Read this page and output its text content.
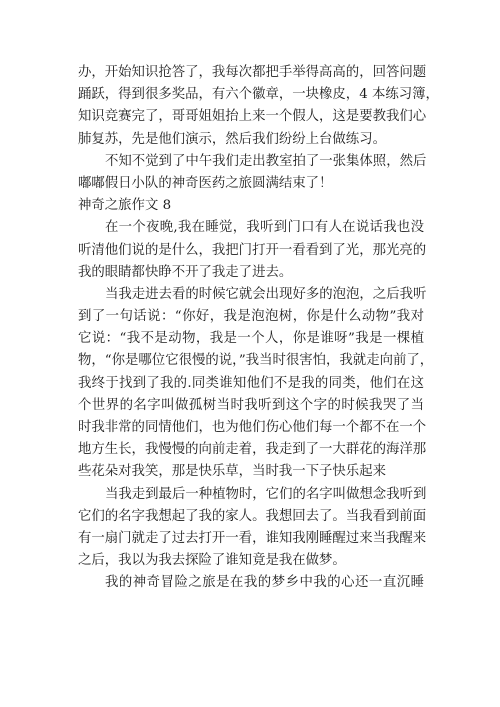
办，开始知识抢答了，我每次都把手举得高高的，回答问题
踊跃，得到很多奖品，有六个徽章，一块橡皮，4 本练习簿，
知识竞赛完了，哥哥姐姐抬上来一个假人，这是要教我们心
肺复苏，先是他们演示，然后我们纷纷上台做练习。
不知不觉到了中午我们走出教室拍了一张集体照，然后
嘟嘟假日小队的神奇医药之旅圆满结束了！
神奇之旅作文 8
在一个夜晚,我在睡觉，我听到门口有人在说话我也没
听清他们说的是什么，我把门打开一看看到了光，那光亮的
我的眼睛都快睁不开了我走了进去。
当我走进去看的时候它就会出现好多的泡泡，之后我听
到了一句话说：“你好，我是泡泡树，你是什么动物”我对
它说：“我不是动物，我是一个人，你是谁呀”我是一棵植
物，“你是哪位它很慢的说，”我当时很害怕，我就走向前了，
我终于找到了我的.同类谁知他们不是我的同类，他们在这
个世界的名字叫做孤树当时我听到这个字的时候我哭了当
时我非常的同情他们，也为他们伤心他们每一个都不在一个
地方生长，我慢慢的向前走着，我走到了一大群花的海洋那
些花朵对我笑，那是快乐草，当时我一下子快乐起来
当我走到最后一种植物时，它们的名字叫做想念我听到
它们的名字我想起了我的家人。我想回去了。当我看到前面
有一扇门就走了过去打开一看，谁知我刚睡醒过来当我醒来
之后，我以为我去探险了谁知竟是我在做梦。
我的神奇冒险之旅是在我的梦乡中我的心还一直沉睡
